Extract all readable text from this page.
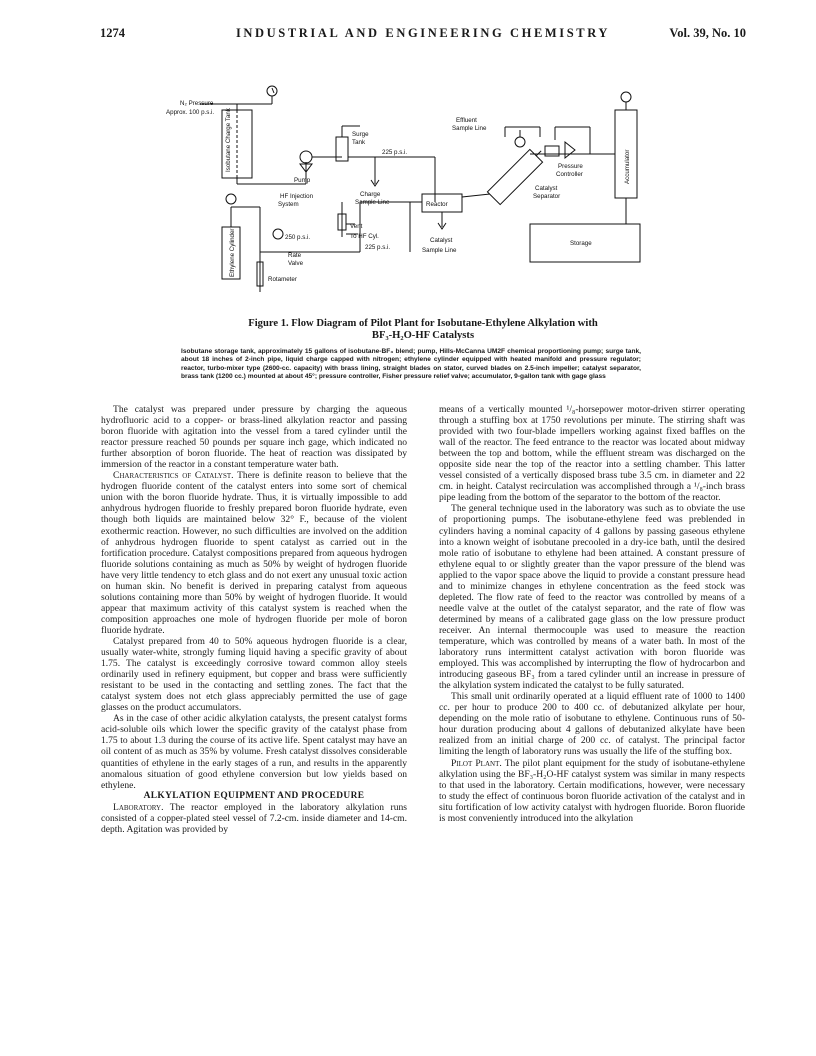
1274	INDUSTRIAL AND ENGINEERING CHEMISTRY	Vol. 39, No. 10
N₂ Pressure
Approx. 100 p.s.i. Isobutane Charge Tank	Surge
Tank
Pump
225 p.s.i.
Charge
Sample Line
HF Injection
System
Vent
To HF Cyl.
250 p.s.i.
Rate
Valve
Rotameter
225 p.s.i.
Reactor
Catalyst
Sample Line
Effluent
Sample Line
Catalyst
Separator
Pressure
Controller	Accumulator
Storage
Ethylene Cylinder
Figure 1. Flow Diagram of Pilot Plant for Isobutane-Ethylene Alkylation with
BF₃-H₂O-HF Catalysts
Isobutane storage tank, approximately 15 gallons of isobutane-BF₃ blend; pump, Hills-McCanna UM2F chemical proportioning pump; surge tank, about 18 inches of 2-inch pipe, liquid charge capped with nitrogen; ethylene cylinder equipped with heated manifold and pressure regulator; reactor, turbo-mixer type (2600-cc. capacity) with brass lining, straight blades on stator, curved blades on 2.5-inch impeller; catalyst separator, brass tank (1200 cc.) mounted at about 45°; pressure controller, Fisher pressure relief valve; accumulator, 9-gallon tank with gage glass

The catalyst was prepared under pressure by charging the aqueous hydrofluoric acid to a copper- or brass-lined alkylation reactor and passing boron fluoride with agitation into the vessel from a tared cylinder until the reactor pressure reached 50 pounds per square inch gage, which indicated no further absorption of boron fluoride. The heat of reaction was dissipated by immersion of the reactor in a constant temperature water bath.

Characteristics of Catalyst. There is definite reason to believe that the hydrogen fluoride content of the catalyst enters into some sort of chemical union with the boron fluoride hydrate. Thus, it is virtually impossible to add anhydrous hydrogen fluoride to freshly prepared boron fluoride hydrate, even though both liquids are maintained below 32° F., because of the violent exothermic reaction. However, no such difficulties are involved on the addition of anhydrous hydrogen fluoride to spent catalyst as carried out in the fortification procedure. Catalyst compositions prepared from aqueous hydrogen fluoride solutions containing as much as 50% by weight of hydrogen fluoride have very little tendency to etch glass and do not exert any unusual toxic action on human skin. No benefit is derived in preparing catalyst from aqueous solutions containing more than 50% by weight of hydrogen fluoride. It would appear that maximum activity of this catalyst system is reached when the composition approaches one mole of hydrogen fluoride per mole of boron fluoride hydrate.

Catalyst prepared from 40 to 50% aqueous hydrogen fluoride is a clear, usually water-white, strongly fuming liquid having a specific gravity of about 1.75. The catalyst is exceedingly corrosive toward common alloy steels ordinarily used in refinery equipment, but copper and brass were sufficiently resistant to be used in the contacting and settling zones. The fact that the catalyst system does not etch glass appreciably permitted the use of gage glasses on the product accumulators.

As in the case of other acidic alkylation catalysts, the present catalyst forms acid-soluble oils which lower the specific gravity of the catalyst phase from 1.75 to about 1.3 during the course of its active life. Spent catalyst may have an oil content of as much as 35% by volume. Fresh catalyst dissolves considerable quantities of ethylene in the early stages of a run, and results in the apparently anomalous situation of good ethylene conversion but low yields based on ethylene.

ALKYLATION EQUIPMENT AND PROCEDURE

Laboratory. The reactor employed in the laboratory alkylation runs consisted of a copper-plated steel vessel of 7.2-cm. inside diameter and 14-cm. depth. Agitation was provided by

means of a vertically mounted ¹/₈-horsepower motor-driven stirrer operating through a stuffing box at 1750 revolutions per minute. The stirring shaft was provided with two four-blade impellers working against fixed baffles on the wall of the reactor. The feed entrance to the reactor was located about midway between the top and bottom, while the effluent stream was discharged on the opposite side near the top of the reactor into a settling chamber. This latter vessel consisted of a vertically disposed brass tube 3.5 cm. in diameter and 22 cm. in height. Catalyst recirculation was accomplished through a ¹/₈-inch brass pipe leading from the bottom of the separator to the bottom of the reactor.

The general technique used in the laboratory was such as to obviate the use of proportioning pumps. The isobutane-ethylene feed was preblended in cylinders having a nominal capacity of 4 gallons by passing gaseous ethylene into a known weight of isobutane precooled in a dry-ice bath, until the desired mole ratio of isobutane to ethylene had been attained. A constant pressure of ethylene equal to or slightly greater than the vapor pressure of the blend was applied to the vapor space above the liquid to provide a constant pressure head and to minimize changes in ethylene concentration as the feed stock was depleted. The flow rate of feed to the reactor was controlled by means of a needle valve at the outlet of the catalyst separator, and the rate of flow was determined by means of a calibrated gage glass on the low pressure product receiver. An internal thermocouple was used to measure the reaction temperature, which was controlled by means of a water bath. In most of the laboratory runs intermittent catalyst activation with boron fluoride was employed. This was accomplished by interrupting the flow of hydrocarbon and introducing gaseous BF₃ from a tared cylinder until an increase in pressure of the alkylation system indicated the catalyst to be fully saturated.

This small unit ordinarily operated at a liquid effluent rate of 1000 to 1400 cc. per hour to produce 200 to 400 cc. of debutanized alkylate per hour, depending on the mole ratio of isobutane to ethylene. Continuous runs of 50-hour duration producing about 4 gallons of debutanized alkylate have been realized from an initial charge of 200 cc. of catalyst. The principal factor limiting the length of laboratory runs was usually the life of the stuffing box.

Pilot Plant. The pilot plant equipment for the study of isobutane-ethylene alkylation using the BF₃-H₂O-HF catalyst system was similar in many respects to that used in the laboratory. Certain modifications, however, were necessary to study the effect of continuous boron fluoride activation of the catalyst and in situ fortification of low activity catalyst with hydrogen fluoride. Boron fluoride is most conveniently introduced into the alkylation
